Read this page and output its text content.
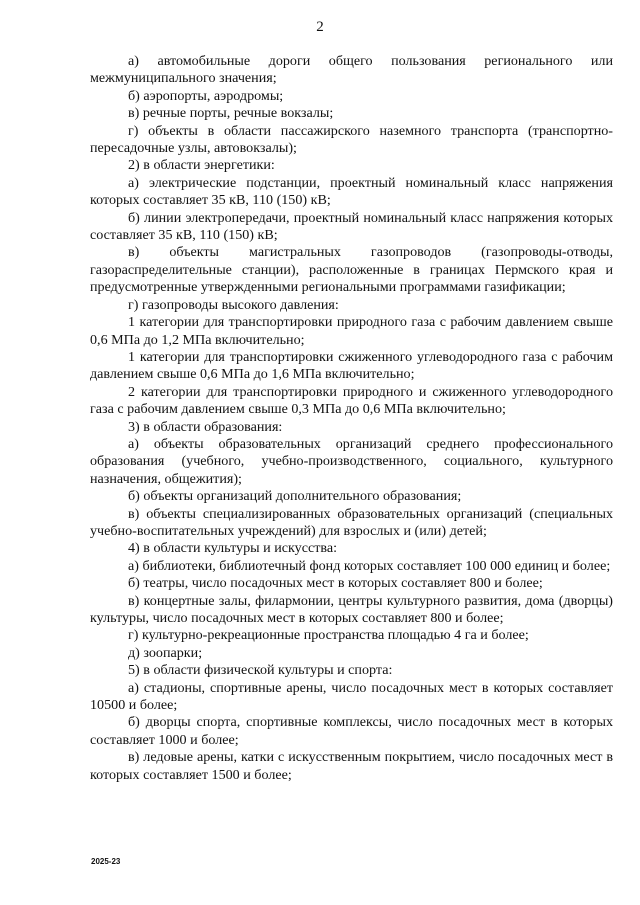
2

а) автомобильные дороги общего пользования регионального или межмуниципального значения;

б) аэропорты, аэродромы;

в) речные порты, речные вокзалы;

г) объекты в области пассажирского наземного транспорта (транспортно-пересадочные узлы, автовокзалы);

2) в области энергетики:

а) электрические подстанции, проектный номинальный класс напряжения которых составляет 35 кВ, 110 (150) кВ;

б) линии электропередачи, проектный номинальный класс напряжения которых составляет 35 кВ, 110 (150) кВ;

в) объекты магистральных газопроводов (газопроводы-отводы, газораспределительные станции), расположенные в границах Пермского края и предусмотренные утвержденными региональными программами газификации;

г) газопроводы высокого давления:

1 категории для транспортировки природного газа с рабочим давлением свыше 0,6 МПа до 1,2 МПа включительно;

1 категории для транспортировки сжиженного углеводородного газа с рабочим давлением свыше 0,6 МПа до 1,6 МПа включительно;

2 категории для транспортировки природного и сжиженного углеводородного газа с рабочим давлением свыше 0,3 МПа до 0,6 МПа включительно;

3) в области образования:

а) объекты образовательных организаций среднего профессионального образования (учебного, учебно-производственного, социального, культурного назначения, общежития);

б) объекты организаций дополнительного образования;

в) объекты специализированных образовательных организаций (специальных учебно-воспитательных учреждений) для взрослых и (или) детей;

4) в области культуры и искусства:

а) библиотеки, библиотечный фонд которых составляет 100 000 единиц и более;

б) театры, число посадочных мест в которых составляет 800 и более;

в) концертные залы, филармонии, центры культурного развития, дома (дворцы) культуры, число посадочных мест в которых составляет 800 и более;

г) культурно-рекреационные пространства площадью 4 га и более;

д) зоопарки;

5) в области физической культуры и спорта:

а) стадионы, спортивные арены, число посадочных мест в которых составляет 10500 и более;

б) дворцы спорта, спортивные комплексы, число посадочных мест в которых составляет 1000 и более;

в) ледовые арены, катки с искусственным покрытием, число посадочных мест в которых составляет 1500 и более;

2025-23
